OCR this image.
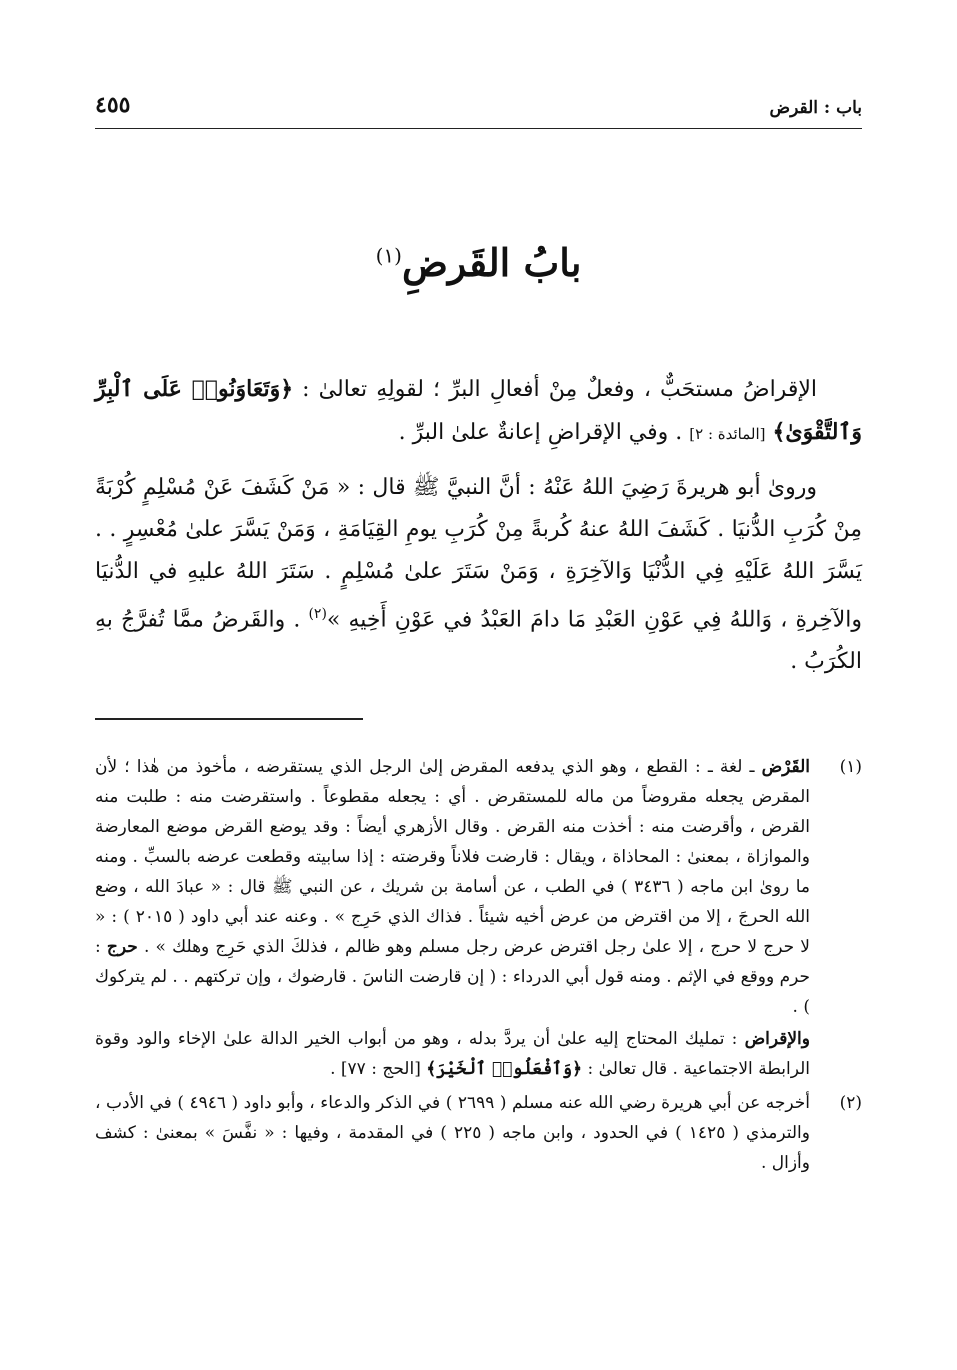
باب : القرض
٤٥٥
بابُ القَرضِ$^{(١)}$

الإقراضُ مستحَبٌّ ، وفعلٌ مِنْ أفعالِ البرِّ ؛ لقولِهِ تعالىٰ : ﴿وَتَعَاوَنُوا۟ عَلَى ٱلْبِرِّ وَٱلتَّقْوَىٰ﴾ [المائدة : ٢] . وفي الإقراضِ إعانةٌ علىٰ البرِّ .

وروىٰ أبو هريرةَ رَضِيَ اللهُ عَنْهُ : أنَّ النبيَّ ﷺ قال : « مَنْ كَشَفَ عَنْ مُسْلِمٍ كُرْبَةً مِنْ كُرَبِ الدُّنيَا . كَشَفَ اللهُ عنهُ كُربةً مِنْ كُرَبِ يومِ القِيَامَةِ ، وَمَنْ يَسَّرَ علىٰ مُعْسِرٍ . . يَسَّرَ اللهُ عَلَيْهِ فِي الدُّنْيَا وَالآخِرَةِ ، وَمَنْ سَتَرَ علىٰ مُسْلِمٍ . سَتَرَ اللهُ عليهِ في الدُّنيَا والآخِرةِ ، وَاللهُ فِي عَوْنِ العَبْدِ مَا دامَ العَبْدُ في عَوْنِ أَخِيهِ »$^{(٢)}$ . والقَرضُ ممَّا تُفرَّجُ بهِ الكُرَبُ .

(١)

القَرْض ـ لغة ـ : القطع ، وهو الذي يدفعه المقرض إلىٰ الرجل الذي يستقرضه ، مأخوذ من هٰذا ؛ لأن المقرض يجعله مقروضاً من ماله للمستقرض . أي : يجعله مقطوعاً . واستقرضت منه : طلبت منه القرض ، وأقرضت منه : أخذت منه القرض . وقال الأزهري أيضاً : وقد يوضع القرض موضع المعارضة والموازاة ، بمعنىٰ : المحاذاة ، ويقال : قارضت فلاناً وقرضته : إذا سابيته وقطعت عرضه بالسبِّ . ومنه ما روىٰ ابن ماجه ( ٣٤٣٦ ) في الطب ، عن أسامة بن شريك ، عن النبي ﷺ قال : « عبادَ الله ، وضع الله الحرجَ ، إلا من اقترض من عرض أخيه شيئاً . فذاك الذي حَرِج » . وعنه عند أبي داود ( ٢٠١٥ ) : « لا حرج لا حرج ، إلا علىٰ رجل اقترض عرض رجل مسلم وهو ظالم ، فذلكَ الذي حَرِج وهلك » . حرج : حرم ووقع في الإثم . ومنه قول أبي الدرداء : ( إن قارضت الناسَ . قارضوك ، وإن تركتهم . . لم يتركوك ) .

والإقراض : تمليك المحتاج إليه علىٰ أن يردَّ بدله ، وهو من أبواب الخير الدالة علىٰ الإخاء والود وقوة الرابطة الاجتماعية . قال تعالىٰ : ﴿وَٱفْعَلُوا۟ ٱلْخَيْرَ﴾ [الحج : ٧٧] .

(٢)

أخرجه عن أبي هريرة رضي الله عنه مسلم ( ٢٦٩٩ ) في الذكر والدعاء ، وأبو داود ( ٤٩٤٦ ) في الأدب ، والترمذي ( ١٤٢٥ ) في الحدود ، وابن ماجه ( ٢٢٥ ) في المقدمة ، وفيها : « نفَّسَ » بمعنىٰ : كشف وأزال .
